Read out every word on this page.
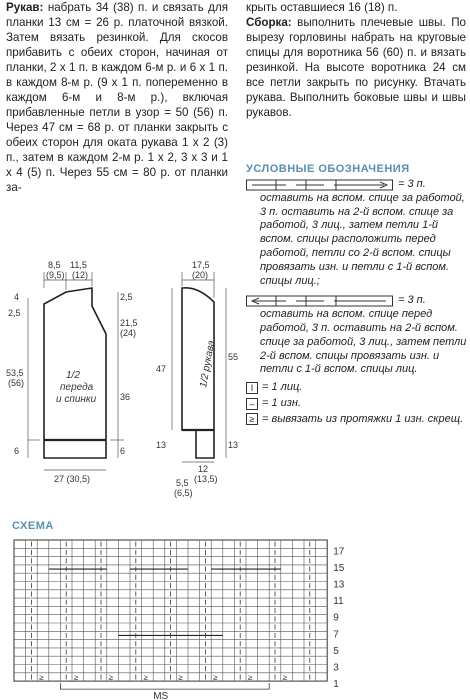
Рукав: набрать 34 (38) п. и связать для планки 13 см = 26 р. платочной вязкой. Затем вязать резинкой. Для скосов прибавить с обеих сторон, начиная от планки, 2 х 1 п. в каждом 6-м р. и 6 х 1 п. в каждом 8-м р. (9 х 1 п. попеременно в каждом 6-м и 8-м р.), включая прибавленные петли в узор = 50 (56) п. Через 47 см = 68 р. от планки закрыть с обеих сторон для оката рукава 1 х 2 (3) п., затем в каждом 2-м р. 1 х 2, 3 х 3 и 1 х 4 (5) п. Через 55 см = 80 р. от планки за-

крыть оставшиеся 16 (18) п.

Сборка: выполнить плечевые швы. По вырезу горловины набрать на круговые спицы для воротника 56 (60) п. и вязать резинкой. На высоте воротника 24 см все петли закрыть по рисунку. Втачать рукава. Выполнить боковые швы и швы рукавов.

УСЛОВНЫЕ ОБОЗНАЧЕНИЯ
= 3 п.
оставить на вспом. спице за работой, 3 п. оставить на 2-й вспом. спице за работой, 3 лиц., затем петли 1-й вспом. спицы расположить перед работой, петли со 2-й вспом. спицы провязать изн. и петли с 1-й вспом. спицы лиц.;
= 3 п.
оставить на вспом. спице перед работой, 3 п. оставить на 2-й вспом. спице за работой, 3 лиц., затем петли 2-й вспом. спицы провязать изн. и петли с 1-й вспом. спицы лиц.
I = 1 лиц.
– = 1 изн.
≥ = вывязать из протяжки 1 изн. скрещ.
8,5
(9,5)
11,5
(12)
4
2,5
53,5
(56)
6
2,5
21,5
(24)
36
6
27 (30,5)
1/2
переда
и спинки
17,5
(20)
47
55
13	13
12
(13,5)
5,5
(6,5)
1/2 рукава
СХЕМА
≥	≥	≥	≥	≥	≥	≥	≥
17
15
13
11
9
7
5
3
1
MS
